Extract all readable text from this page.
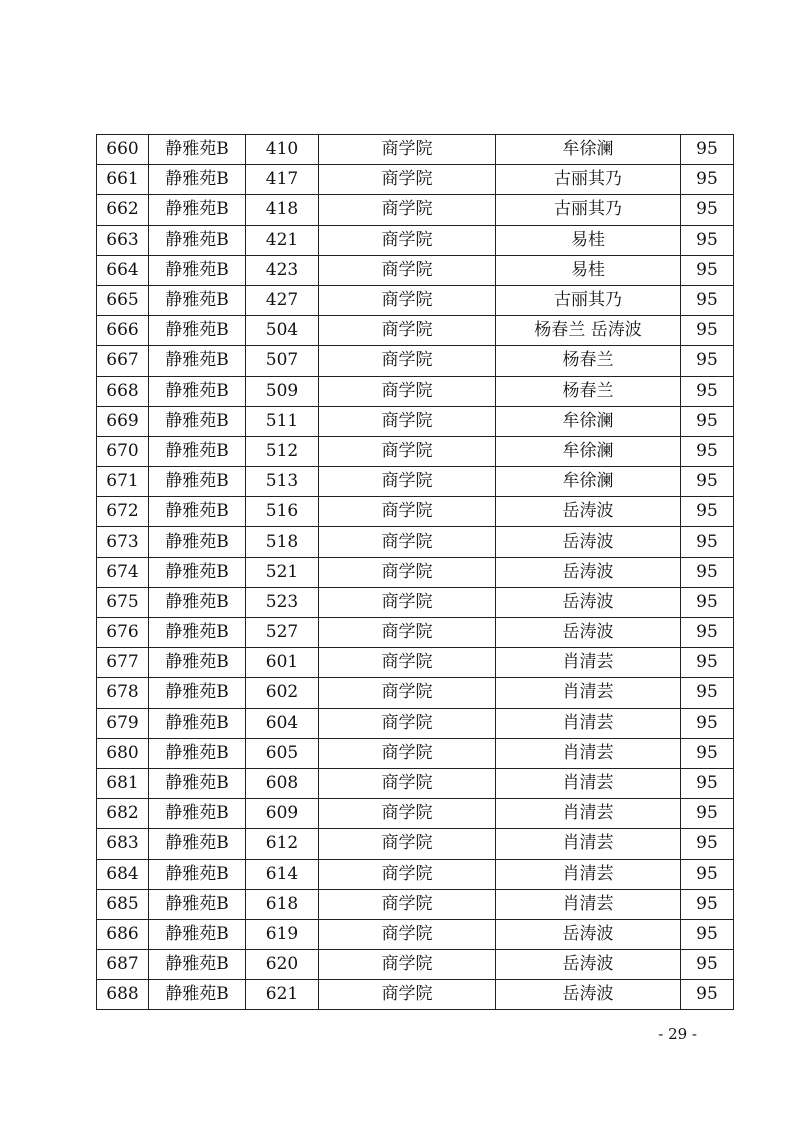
660	静雅苑B	410	商学院	牟徐澜	95
661	静雅苑B	417	商学院	古丽其乃	95
662	静雅苑B	418	商学院	古丽其乃	95
663	静雅苑B	421	商学院	易桂	95
664	静雅苑B	423	商学院	易桂	95
665	静雅苑B	427	商学院	古丽其乃	95
666	静雅苑B	504	商学院	杨春兰 岳涛波	95
667	静雅苑B	507	商学院	杨春兰	95
668	静雅苑B	509	商学院	杨春兰	95
669	静雅苑B	511	商学院	牟徐澜	95
670	静雅苑B	512	商学院	牟徐澜	95
671	静雅苑B	513	商学院	牟徐澜	95
672	静雅苑B	516	商学院	岳涛波	95
673	静雅苑B	518	商学院	岳涛波	95
674	静雅苑B	521	商学院	岳涛波	95
675	静雅苑B	523	商学院	岳涛波	95
676	静雅苑B	527	商学院	岳涛波	95
677	静雅苑B	601	商学院	肖清芸	95
678	静雅苑B	602	商学院	肖清芸	95
679	静雅苑B	604	商学院	肖清芸	95
680	静雅苑B	605	商学院	肖清芸	95
681	静雅苑B	608	商学院	肖清芸	95
682	静雅苑B	609	商学院	肖清芸	95
683	静雅苑B	612	商学院	肖清芸	95
684	静雅苑B	614	商学院	肖清芸	95
685	静雅苑B	618	商学院	肖清芸	95
686	静雅苑B	619	商学院	岳涛波	95
687	静雅苑B	620	商学院	岳涛波	95
688	静雅苑B	621	商学院	岳涛波	95
- 29 -
